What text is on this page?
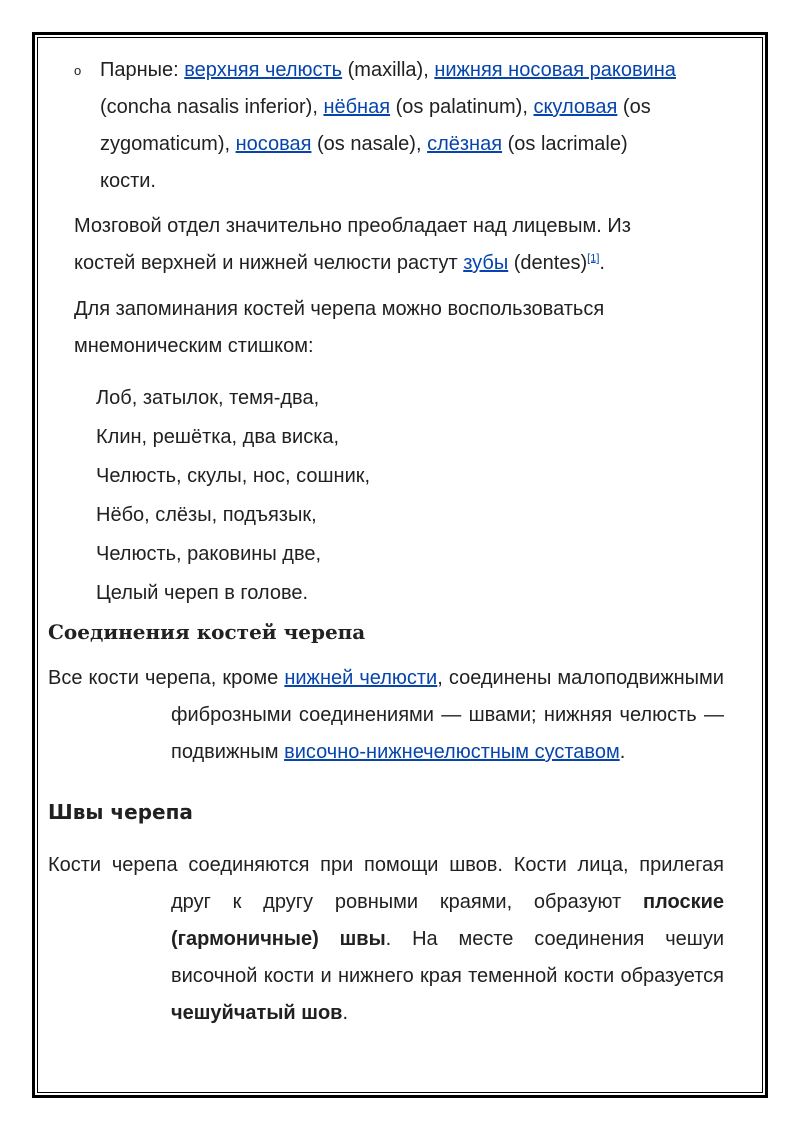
o Парные: верхняя челюсть (maxilla), нижняя носовая раковина (concha nasalis inferior), нёбная (os palatinum), скуловая (os zygomaticum), носовая (os nasale), слёзная (os lacrimale) кости.

Мозговой отдел значительно преобладает над лицевым. Из костей верхней и нижней челюсти растут зубы (dentes)[1].

Для запоминания костей черепа можно воспользоваться мнемоническим стишком:

Лоб, затылок, темя-два,
Клин, решётка, два виска,
Челюсть, скулы, нос, сошник,
Нёбо, слёзы, подъязык,
Челюсть, раковины две,
Целый череп в голове.
Соединения костей черепа

Все кости черепа, кроме нижней челюсти, соединены малоподвижными фиброзными соединениями — швами; нижняя челюсть — подвижным височно-нижнечелюстным суставом.

Швы черепа

Кости черепа соединяются при помощи швов. Кости лица, прилегая друг к другу ровными краями, образуют плоские (гармоничные) швы. На месте соединения чешуи височной кости и нижнего края теменной кости образуется чешуйчатый шов.
